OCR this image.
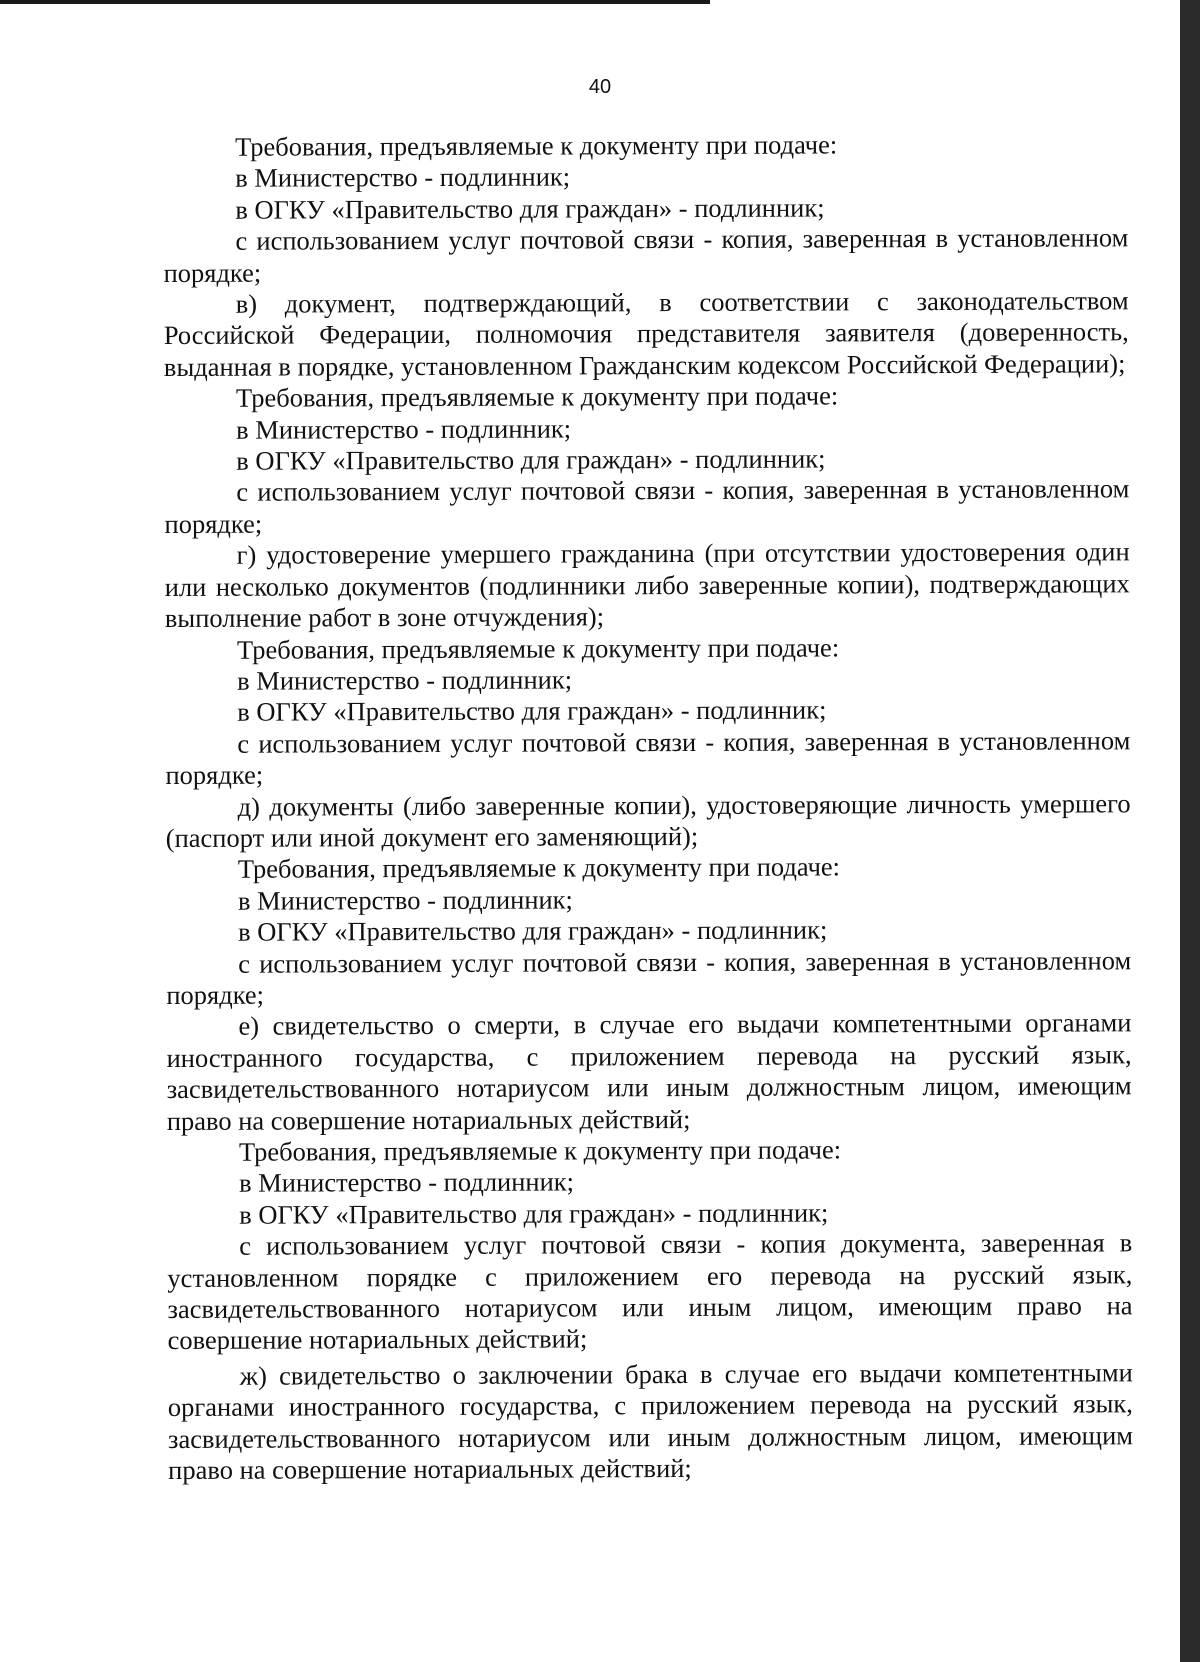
40

Требования, предъявляемые к документу при подаче:

в Министерство - подлинник;

в ОГКУ «Правительство для граждан» - подлинник;

с использованием услуг почтовой связи - копия, заверенная в установленном порядке;

в) документ, подтверждающий, в соответствии с законодательством Российской Федерации, полномочия представителя заявителя (доверенность, выданная в порядке, установленном Гражданским кодексом Российской Федерации);

Требования, предъявляемые к документу при подаче:

в Министерство - подлинник;

в ОГКУ «Правительство для граждан» - подлинник;

с использованием услуг почтовой связи - копия, заверенная в установленном порядке;

г) удостоверение умершего гражданина (при отсутствии удостоверения один или несколько документов (подлинники либо заверенные копии), подтверждающих выполнение работ в зоне отчуждения);

Требования, предъявляемые к документу при подаче:

в Министерство - подлинник;

в ОГКУ «Правительство для граждан» - подлинник;

с использованием услуг почтовой связи - копия, заверенная в установленном порядке;

д) документы (либо заверенные копии), удостоверяющие личность умершего (паспорт или иной документ его заменяющий);

Требования, предъявляемые к документу при подаче:

в Министерство - подлинник;

в ОГКУ «Правительство для граждан» - подлинник;

с использованием услуг почтовой связи - копия, заверенная в установленном порядке;

е) свидетельство о смерти, в случае его выдачи компетентными органами иностранного государства, с приложением перевода на русский язык, засвидетельствованного нотариусом или иным должностным лицом, имеющим право на совершение нотариальных действий;

Требования, предъявляемые к документу при подаче:

в Министерство - подлинник;

в ОГКУ «Правительство для граждан» - подлинник;

с использованием услуг почтовой связи - копия документа, заверенная в установленном порядке с приложением его перевода на русский язык, засвидетельствованного нотариусом или иным лицом, имеющим право на совершение нотариальных действий;

ж) свидетельство о заключении брака в случае его выдачи компетентными органами иностранного государства, с приложением перевода на русский язык, засвидетельствованного нотариусом или иным должностным лицом, имеющим право на совершение нотариальных действий;
